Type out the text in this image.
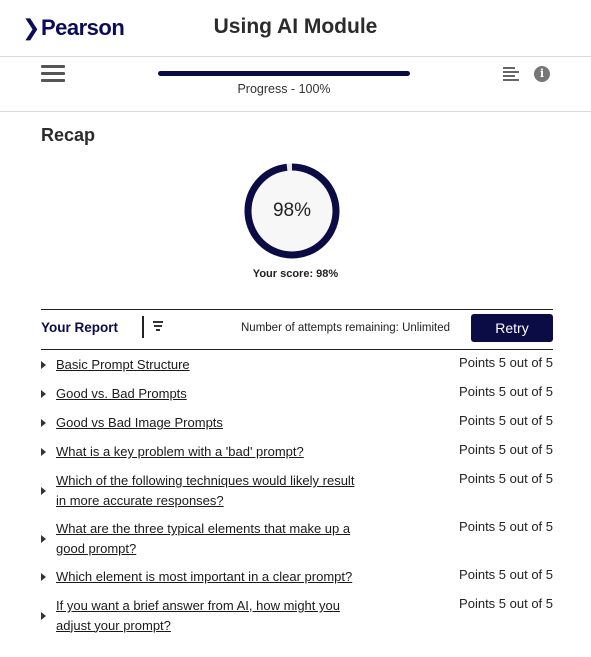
❯ Pearson	Using AI Module
Progress - 100%
i
Recap
98%
Your score: 98%
Your Report	Number of attempts remaining: Unlimited	Retry
Basic Prompt Structure	Points 5 out of 5
Good vs. Bad Prompts	Points 5 out of 5
Good vs Bad Image Prompts	Points 5 out of 5
What is a key problem with a 'bad' prompt?	Points 5 out of 5
Which of the following techniques would likely result in more accurate responses?
Points 5 out of 5
What are the three typical elements that make up a good prompt?
Points 5 out of 5
Which element is most important in a clear prompt?	Points 5 out of 5
If you want a brief answer from AI, how might you adjust your prompt?
Points 5 out of 5
